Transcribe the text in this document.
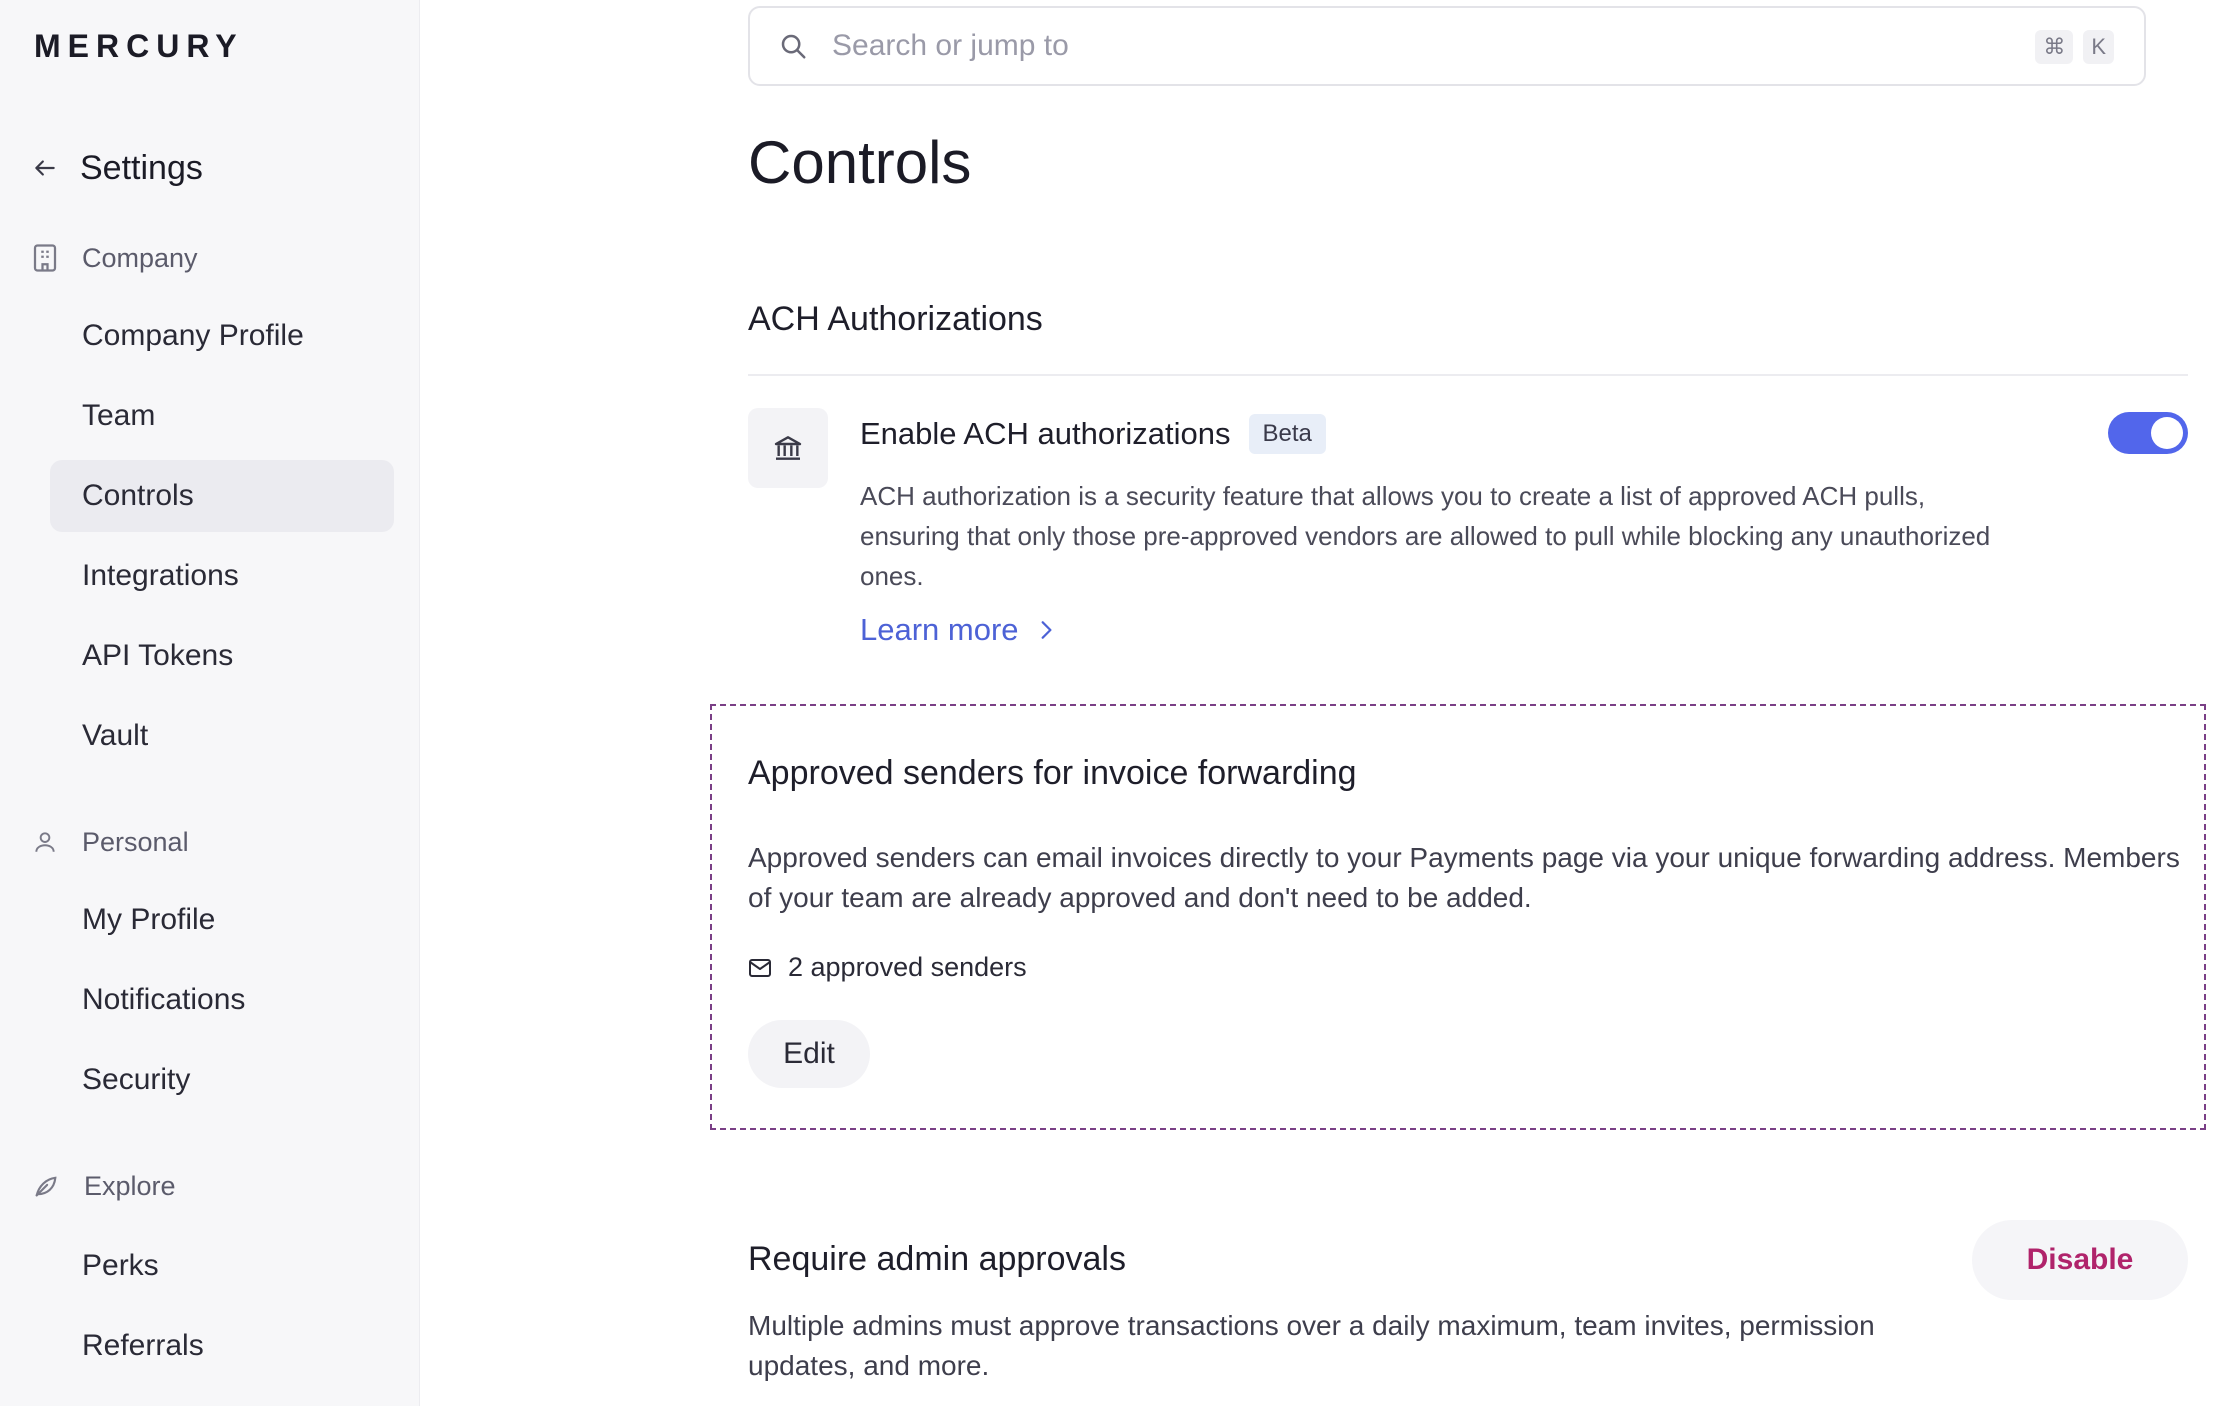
MERCURY
Settings
Company
Company Profile
Team
Controls
Integrations
API Tokens
Vault
Personal
My Profile
Notifications
Security
Explore
Perks
Referrals
Search or jump to	⌘	K
Controls
ACH Authorizations
Enable ACH authorizations	Beta

ACH authorization is a security feature that allows you to create a list of approved ACH pulls, ensuring that only those pre-approved vendors are allowed to pull while blocking any unauthorized ones.

Learn more
Approved senders for invoice forwarding

Approved senders can email invoices directly to your Payments page via your unique forwarding address. Members of your team are already approved and don't need to be added.

2 approved senders
Edit
Require admin approvals	Disable

Multiple admins must approve transactions over a daily maximum, team invites, permission updates, and more.
